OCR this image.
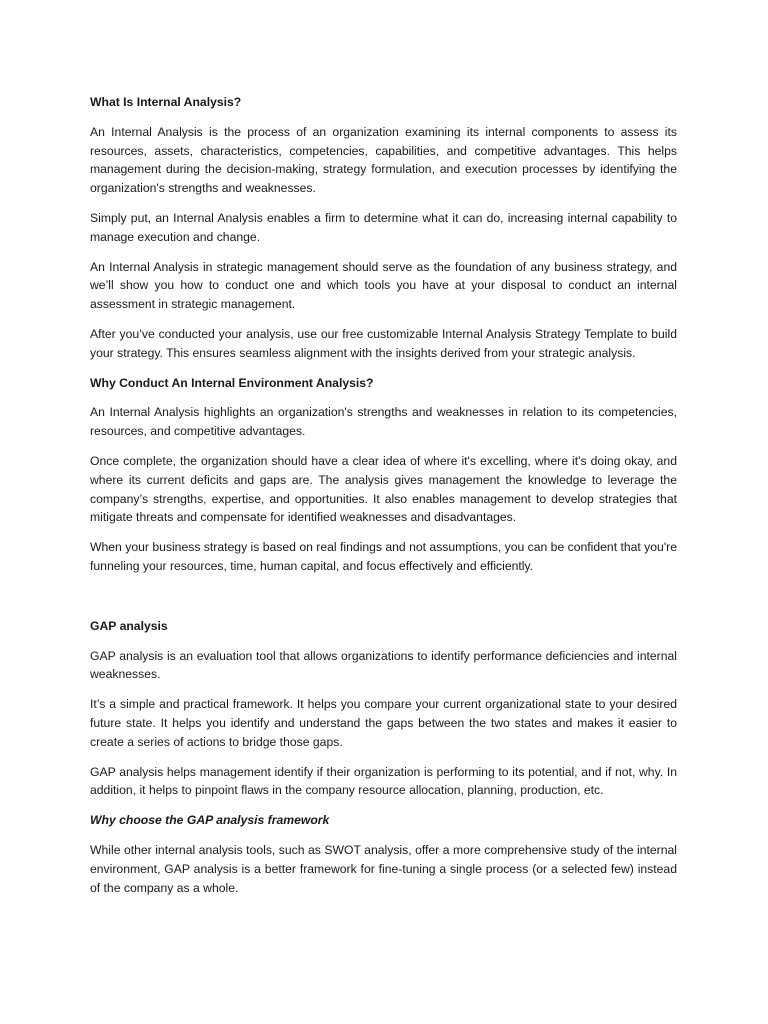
What Is Internal Analysis?
An Internal Analysis is the process of an organization examining its internal components to assess its resources, assets, characteristics, competencies, capabilities, and competitive advantages. This helps management during the decision-making, strategy formulation, and execution processes by identifying the organization's strengths and weaknesses.
Simply put, an Internal Analysis enables a firm to determine what it can do, increasing internal capability to manage execution and change.
An Internal Analysis in strategic management should serve as the foundation of any business strategy, and we’ll show you how to conduct one and which tools you have at your disposal to conduct an internal assessment in strategic management.
After you’ve conducted your analysis, use our free customizable Internal Analysis Strategy Template to build your strategy. This ensures seamless alignment with the insights derived from your strategic analysis.
Why Conduct An Internal Environment Analysis?
An Internal Analysis highlights an organization's strengths and weaknesses in relation to its competencies, resources, and competitive advantages.
Once complete, the organization should have a clear idea of where it's excelling, where it's doing okay, and where its current deficits and gaps are. The analysis gives management the knowledge to leverage the company’s strengths, expertise, and opportunities. It also enables management to develop strategies that mitigate threats and compensate for identified weaknesses and disadvantages.
When your business strategy is based on real findings and not assumptions, you can be confident that you're funneling your resources, time, human capital, and focus effectively and efficiently.
GAP analysis
GAP analysis is an evaluation tool that allows organizations to identify performance deficiencies and internal weaknesses.
It’s a simple and practical framework. It helps you compare your current organizational state to your desired future state. It helps you identify and understand the gaps between the two states and makes it easier to create a series of actions to bridge those gaps.
GAP analysis helps management identify if their organization is performing to its potential, and if not, why. In addition, it helps to pinpoint flaws in the company resource allocation, planning, production, etc.
Why choose the GAP analysis framework
While other internal analysis tools, such as SWOT analysis, offer a more comprehensive study of the internal environment, GAP analysis is a better framework for fine-tuning a single process (or a selected few) instead of the company as a whole.
